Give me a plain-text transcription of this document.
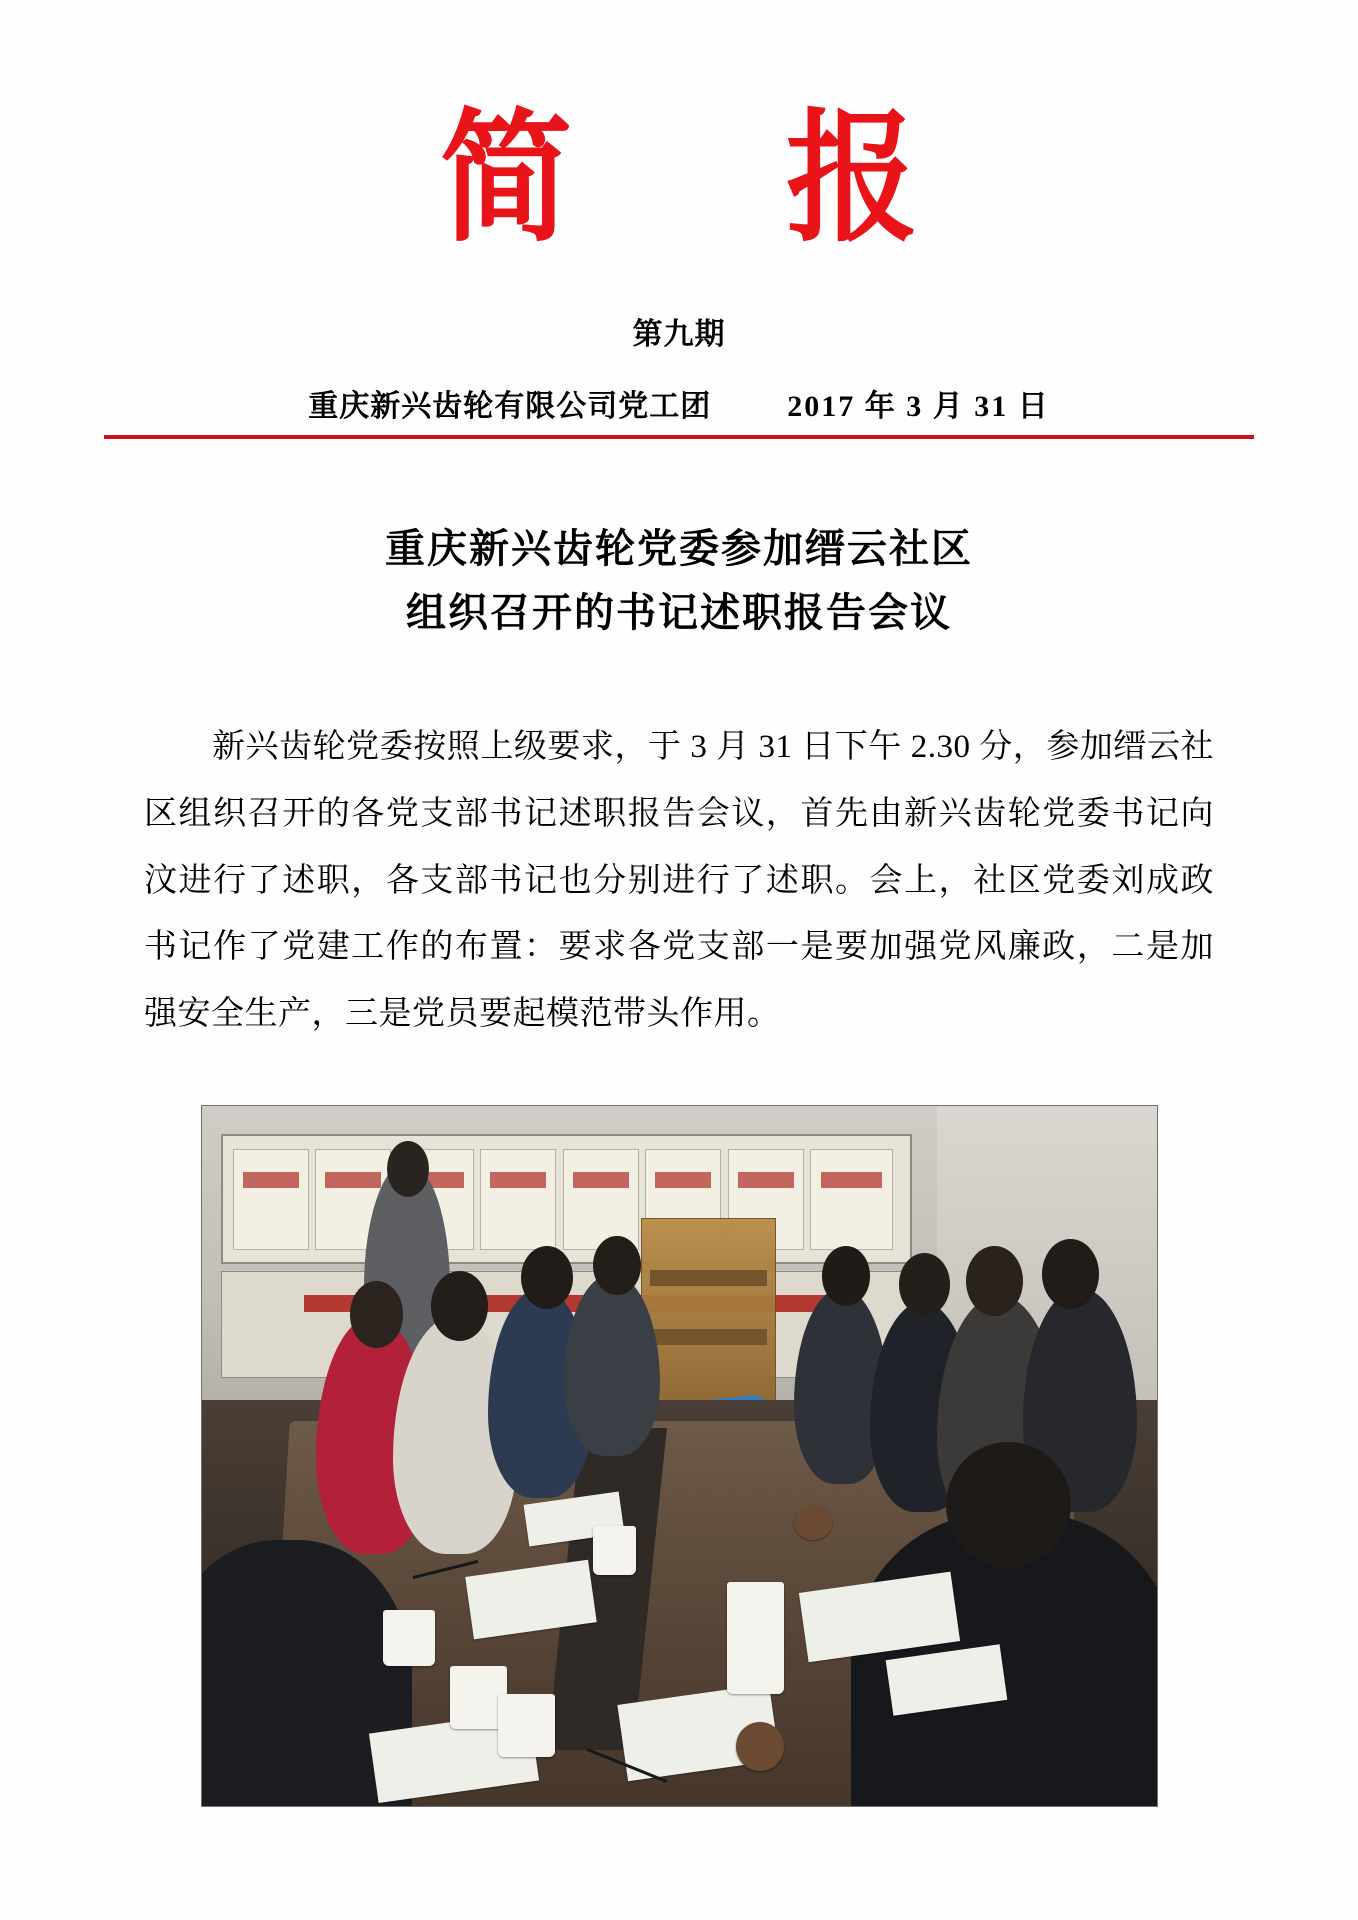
简 报
第九期
重庆新兴齿轮有限公司党工团	2017 年 3 月 31 日
重庆新兴齿轮党委参加缙云社区
组织召开的书记述职报告会议

新兴齿轮党委按照上级要求，于 3 月 31 日下午 2.30 分，参加缙云社区组织召开的各党支部书记述职报告会议，首先由新兴齿轮党委书记向汶进行了述职，各支部书记也分别进行了述职。会上，社区党委刘成政书记作了党建工作的布置：要求各党支部一是要加强党风廉政，二是加强安全生产，三是党员要起模范带头作用。
